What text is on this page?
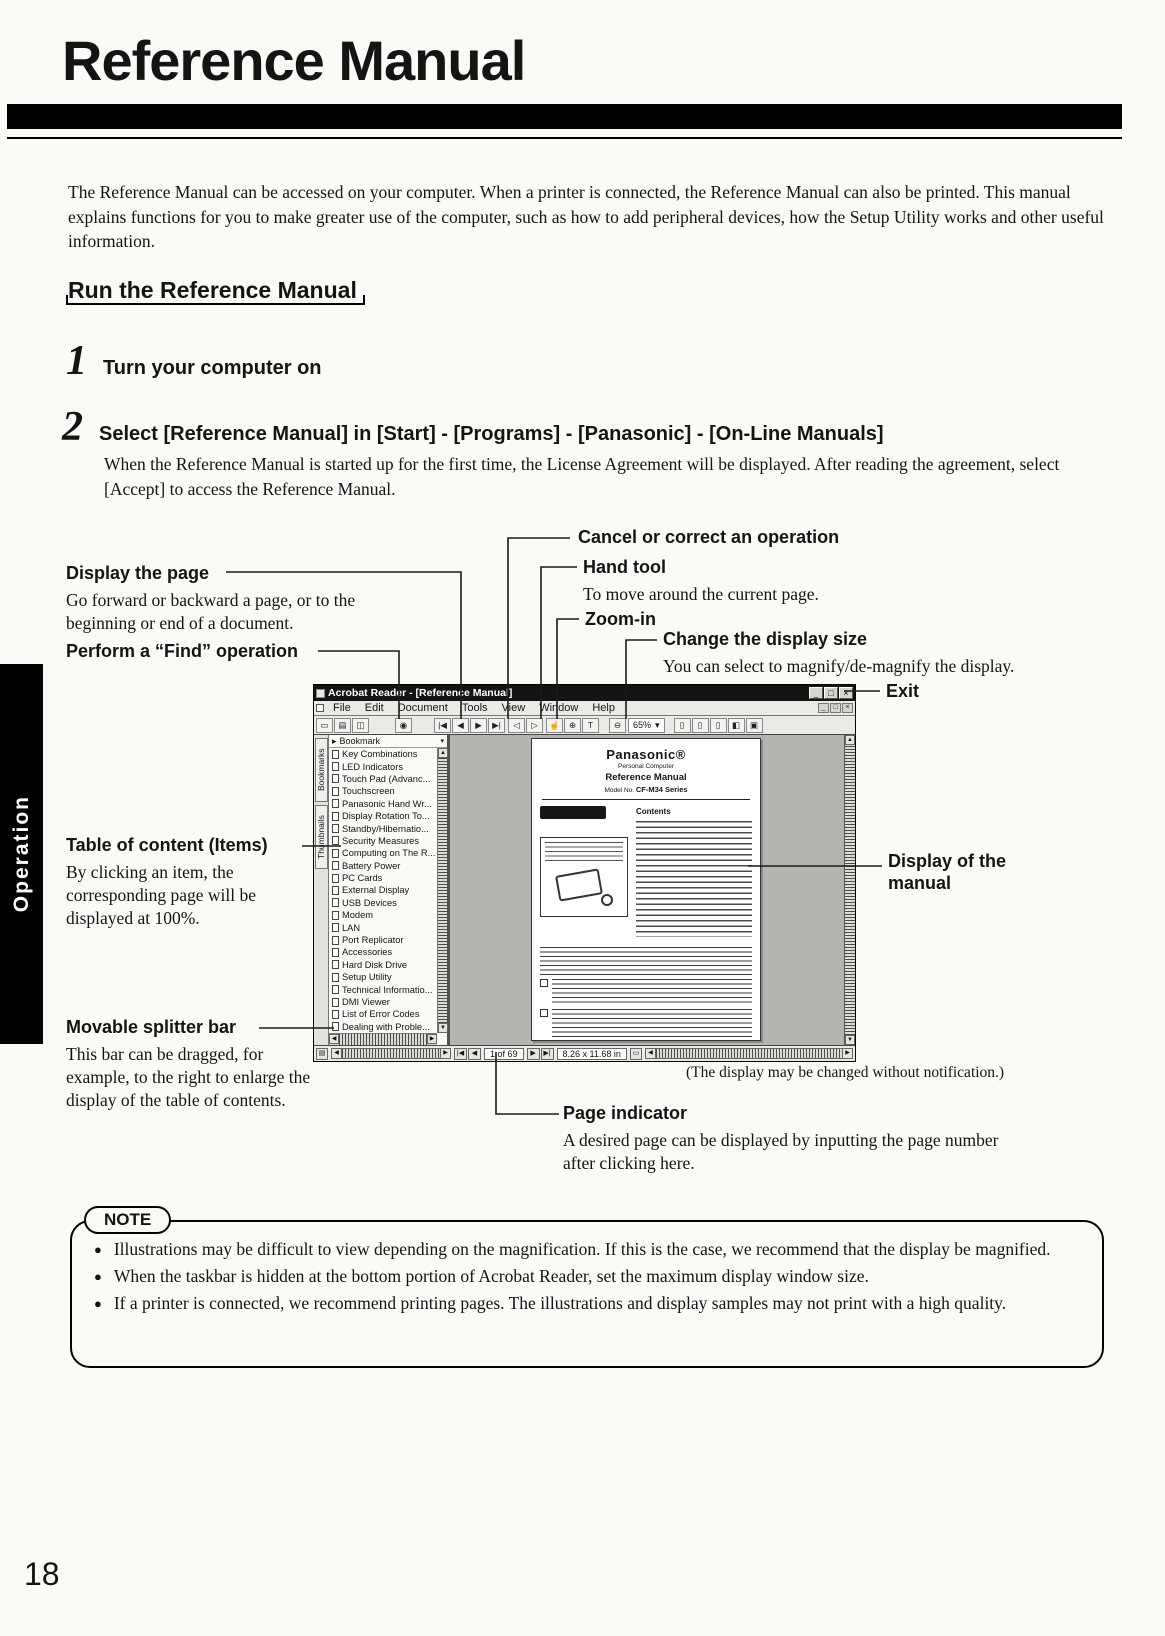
Reference Manual

The Reference Manual can be accessed on your computer. When a printer is connected, the Reference Manual can also be printed. This manual explains functions for you to make greater use of the computer, such as how to add peripheral devices, how the Setup Utility works and other useful information.

Run the Reference Manual
1 Turn your computer on
2 Select [Reference Manual] in [Start] - [Programs] - [Panasonic] - [On-Line Manuals]

When the Reference Manual is started up for the first time, the License Agreement will be displayed. After reading the agreement, select [Accept] to access the Reference Manual.

Cancel or correct an operation
Hand tool
To move around the current page.
Zoom-in
Change the display size
You can select to magnify/de-magnify the display.
Exit
Display the page
Go forward or backward a page, or to the beginning or end of a document.
Perform a “Find” operation
Table of content (Items)
By clicking an item, the corresponding page will be displayed at 100%.
Display of the manual
Movable splitter bar
This bar can be dragged, for example, to the right to enlarge the display of the table of contents.
Page indicator
A desired page can be displayed by inputting the page number after clicking here.
(The display may be changed without notification.)
Operation
Acrobat Reader - [Reference Manual]	_	□	×
File	Edit	Document	Tools	View	Window	Help	_	□	×
▭	▤	◫	◉	|◀	◀	▶	▶|	◁	▷	☝	⊕	T	⊖	65% ▾	▯	▯	▯	◧	▣
Bookmarks
Thumbnails
▸ Bookmark	▾
Key Combinations
LED Indicators
Touch Pad (Advanc...
Touchscreen
Panasonic Hand Wr...
Display Rotation To...
Standby/Hibernatio...
Security Measures
Computing on The R...
Battery Power
PC Cards
External Display
USB Devices
Modem
LAN
Port Replicator
Accessories
Hard Disk Drive
Setup Utility
Technical Informatio...
DMI Viewer
List of Error Codes
Dealing with Proble...
▲
▼
◀	▶
Panasonic®
Personal Computer
Reference Manual
Model No. CF-M34 Series
Contents
▲
▼
▤	◀	▶	|◀	◀	1 of 69	▶	▶|	8.26 x 11.68 in	▭	◀	▶
NOTE
● Illustrations may be difficult to view depending on the magnification. If this is the case, we recommend that the display be magnified.
● When the taskbar is hidden at the bottom portion of Acrobat Reader, set the maximum display window size.
● If a printer is connected, we recommend printing pages. The illustrations and display samples may not print with a high quality.
18
